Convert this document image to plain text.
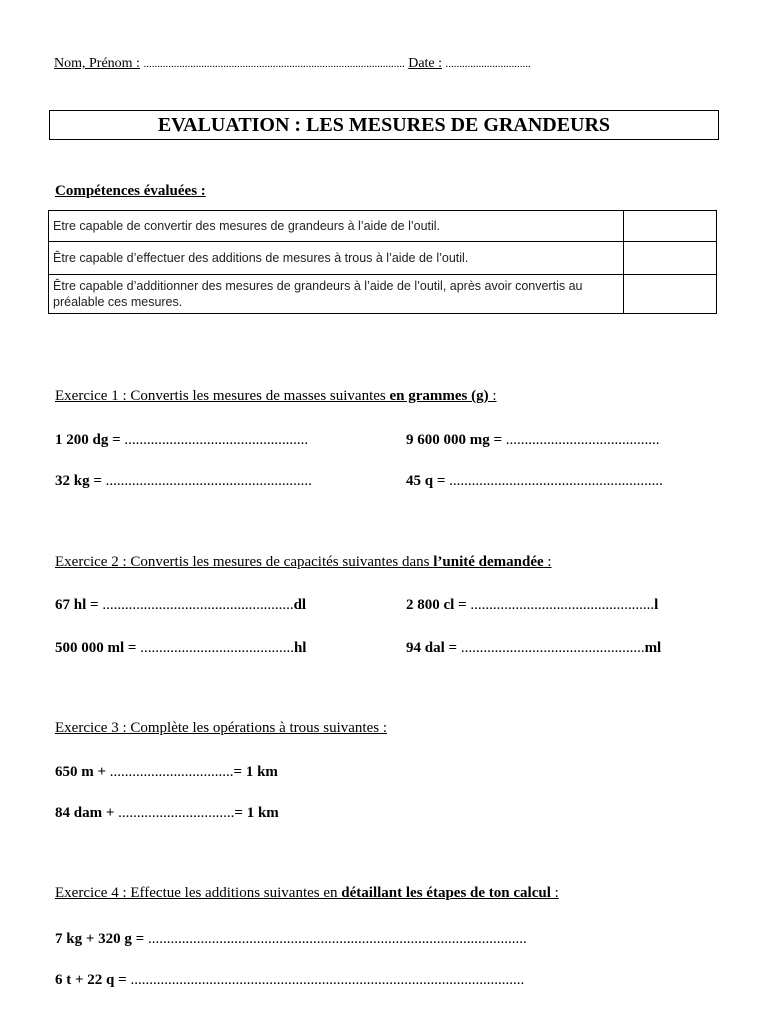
Nom, Prénom : ............................................................................................... Date : ...............................
EVALUATION : LES MESURES DE GRANDEURS
Compétences évaluées :
Etre capable de convertir des mesures de grandeurs à l’aide de l’outil.	
Être capable d’effectuer des additions de mesures à trous à l’aide de l’outil.	
Être capable d’additionner des mesures de grandeurs à l’aide de l’outil, après avoir convertis au préalable ces mesures.	
Exercice 1 : Convertis les mesures de masses suivantes en grammes (g) :
1 200 dg = .................................................	9 600 000 mg = .........................................
32 kg = .......................................................	45 q = .........................................................
Exercice 2 : Convertis les mesures de capacités suivantes dans l’unité demandée :
67 hl = ...................................................dl	2 800 cl = .................................................l
500 000 ml = .........................................hl	94 dal = .................................................ml
Exercice 3 : Complète les opérations à trous suivantes :
650 m + .................................= 1 km
84 dam + ...............................= 1 km
Exercice 4 : Effectue les additions suivantes en détaillant les étapes de ton calcul :
7 kg + 320 g = .....................................................................................................
6 t + 22 q = .........................................................................................................
